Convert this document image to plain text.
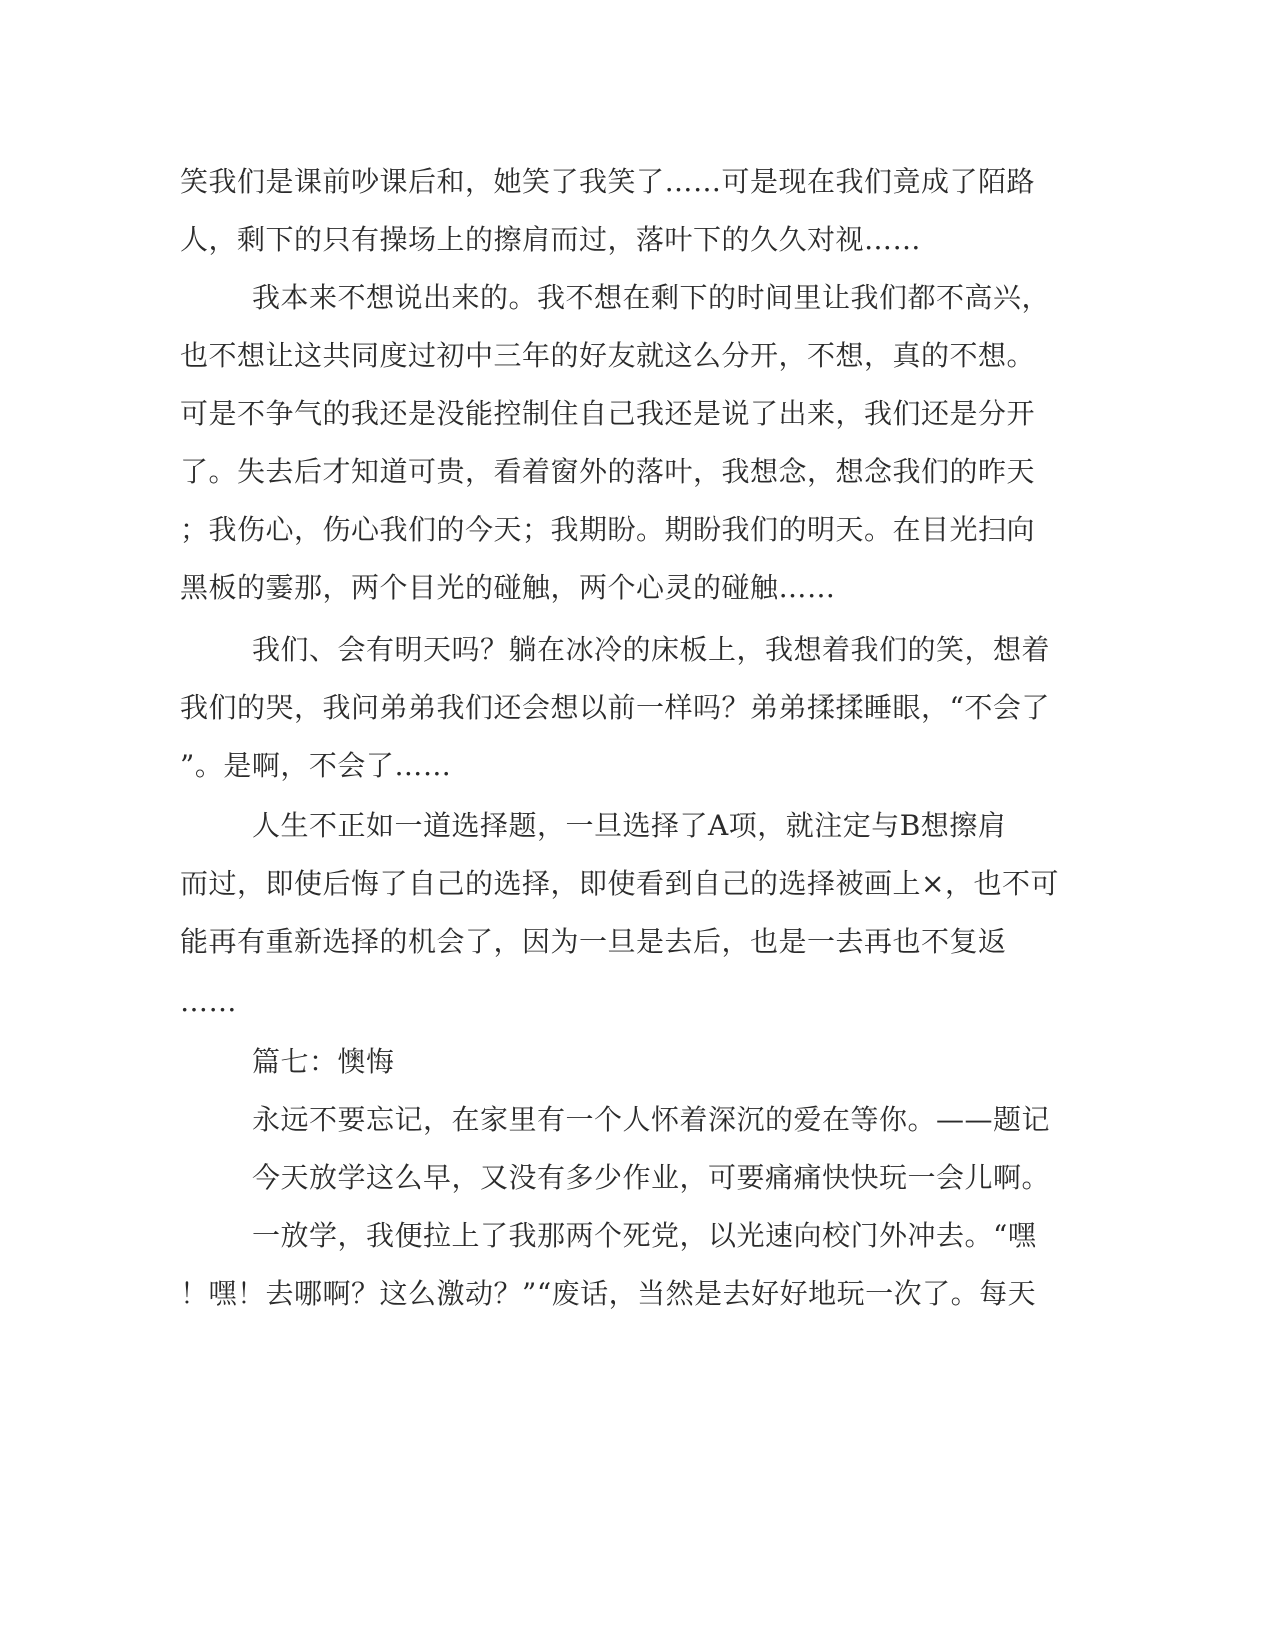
笑我们是课前吵课后和，她笑了我笑了……可是现在我们竟成了陌路
人，剩下的只有操场上的擦肩而过，落叶下的久久对视……
我本来不想说出来的。我不想在剩下的时间里让我们都不高兴，
也不想让这共同度过初中三年的好友就这么分开，不想，真的不想。
可是不争气的我还是没能控制住自己我还是说了出来，我们还是分开
了。失去后才知道可贵，看着窗外的落叶，我想念，想念我们的昨天
；我伤心，伤心我们的今天；我期盼。期盼我们的明天。在目光扫向
黑板的霎那，两个目光的碰触，两个心灵的碰触……
我们、会有明天吗？躺在冰冷的床板上，我想着我们的笑，想着
我们的哭，我问弟弟我们还会想以前一样吗？弟弟揉揉睡眼，“不会了
”。是啊，不会了……
人生不正如一道选择题，一旦选择了A项，就注定与B想擦肩
而过，即使后悔了自己的选择，即使看到自己的选择被画上×，也不可
能再有重新选择的机会了，因为一旦是去后，也是一去再也不复返
……
篇七：懊悔
永远不要忘记，在家里有一个人怀着深沉的爱在等你。——题记
今天放学这么早，又没有多少作业，可要痛痛快快玩一会儿啊。
一放学，我便拉上了我那两个死党，以光速向校门外冲去。“嘿
！嘿！去哪啊？这么激动？”“废话，当然是去好好地玩一次了。每天
